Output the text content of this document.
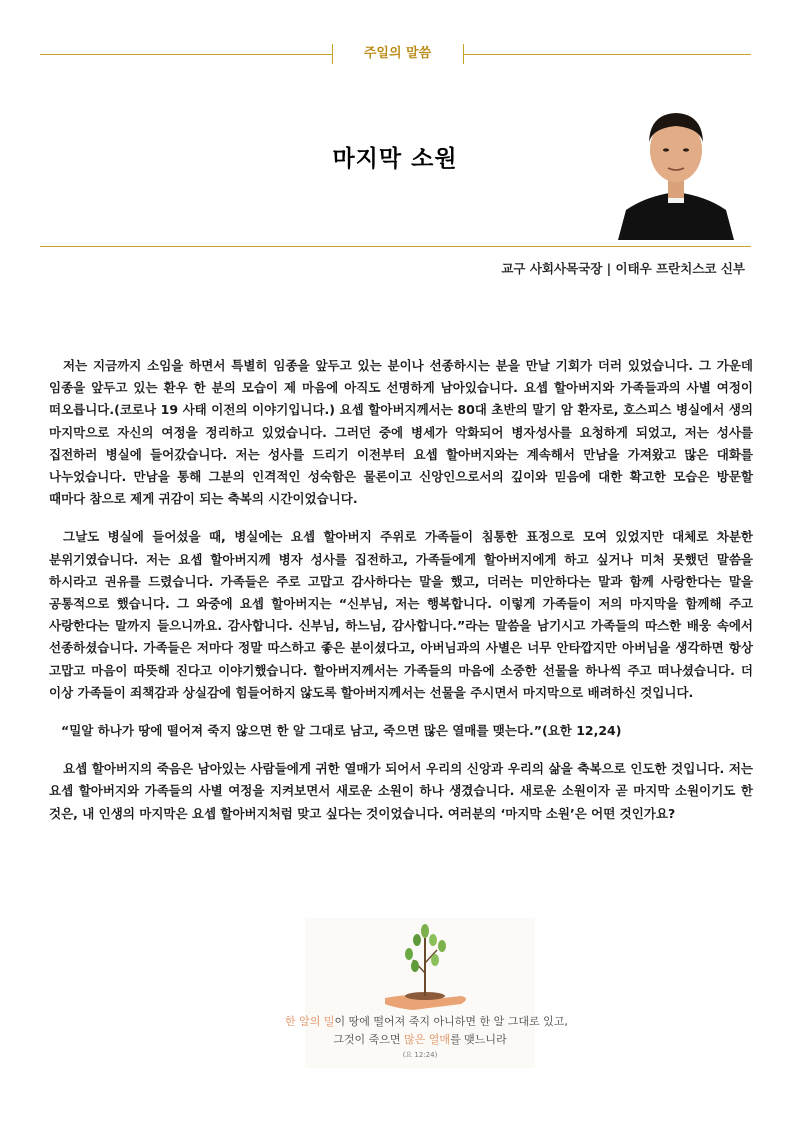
주일의 말씀
마지막 소원
교구 사회사목국장 | 이태우 프란치스코 신부

저는 지금까지 소임을 하면서 특별히 임종을 앞두고 있는 분이나 선종하시는 분을 만날 기회가 더러 있었습니다. 그 가운데 임종을 앞두고 있는 환우 한 분의 모습이 제 마음에 아직도 선명하게 남아있습니다. 요셉 할아버지와 가족들과의 사별 여정이 떠오릅니다.(코로나 19 사태 이전의 이야기입니다.) 요셉 할아버지께서는 80대 초반의 말기 암 환자로, 호스피스 병실에서 생의 마지막으로 자신의 여정을 정리하고 있었습니다. 그러던 중에 병세가 악화되어 병자성사를 요청하게 되었고, 저는 성사를 집전하러 병실에 들어갔습니다. 저는 성사를 드리기 이전부터 요셉 할아버지와는 계속해서 만남을 가져왔고 많은 대화를 나누었습니다. 만남을 통해 그분의 인격적인 성숙함은 물론이고 신앙인으로서의 깊이와 믿음에 대한 확고한 모습은 방문할 때마다 참으로 제게 귀감이 되는 축복의 시간이었습니다.

그날도 병실에 들어섰을 때, 병실에는 요셉 할아버지 주위로 가족들이 침통한 표정으로 모여 있었지만 대체로 차분한 분위기였습니다. 저는 요셉 할아버지께 병자 성사를 집전하고, 가족들에게 할아버지에게 하고 싶거나 미처 못했던 말씀을 하시라고 권유를 드렸습니다. 가족들은 주로 고맙고 감사하다는 말을 했고, 더러는 미안하다는 말과 함께 사랑한다는 말을 공통적으로 했습니다. 그 와중에 요셉 할아버지는 “신부님, 저는 행복합니다. 이렇게 가족들이 저의 마지막을 함께해 주고 사랑한다는 말까지 들으니까요. 감사합니다. 신부님, 하느님, 감사합니다.”라는 말씀을 남기시고 가족들의 따스한 배웅 속에서 선종하셨습니다. 가족들은 저마다 정말 따스하고 좋은 분이셨다고, 아버님과의 사별은 너무 안타깝지만 아버님을 생각하면 항상 고맙고 마음이 따뜻해 진다고 이야기했습니다. 할아버지께서는 가족들의 마음에 소중한 선물을 하나씩 주고 떠나셨습니다. 더 이상 가족들이 죄책감과 상실감에 힘들어하지 않도록 할아버지께서는 선물을 주시면서 마지막으로 배려하신 것입니다.

“밀알 하나가 땅에 떨어져 죽지 않으면 한 알 그대로 남고, 죽으면 많은 열매를 맺는다.”(요한 12,24)

요셉 할아버지의 죽음은 남아있는 사람들에게 귀한 열매가 되어서 우리의 신앙과 우리의 삶을 축복으로 인도한 것입니다. 저는 요셉 할아버지와 가족들의 사별 여정을 지켜보면서 새로운 소원이 하나 생겼습니다. 새로운 소원이자 곧 마지막 소원이기도 한 것은, 내 인생의 마지막은 요셉 할아버지처럼 맞고 싶다는 것이었습니다. 여러분의 ‘마지막 소원’은 어떤 것인가요?

한 알의 밀이 땅에 떨어져 죽지 아니하면 한 알 그대로 있고,
그것이 죽으면 많은 열매를 맺느니라
(요 12:24)
